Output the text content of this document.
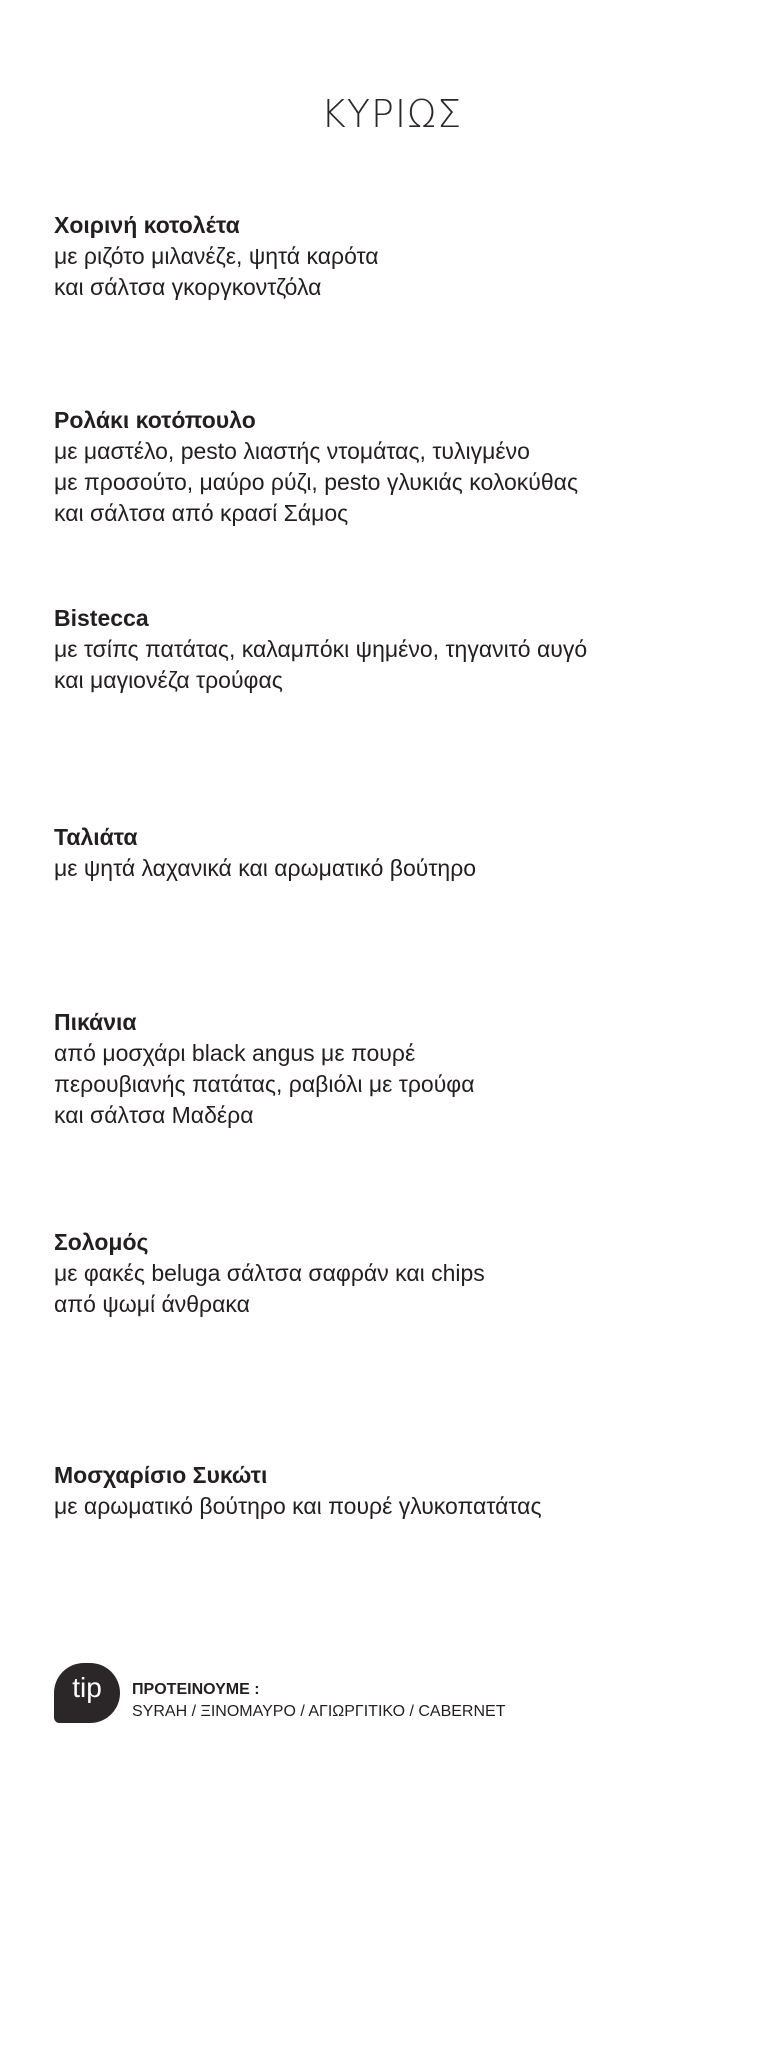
ΚΥΡΙΩΣ

Χοιρινή κοτολέτα

με ριζότο μιλανέζε, ψητά καρότα
και σάλτσα γκοργκοντζόλα

Ρολάκι κοτόπουλο

με μαστέλο, pesto λιαστής ντομάτας, τυλιγμένο
με προσούτο, μαύρο ρύζι, pesto γλυκιάς κολοκύθας
και σάλτσα από κρασί Σάμος

Bistecca

με τσίπς πατάτας, καλαμπόκι ψημένο, τηγανιτό αυγό
και μαγιονέζα τρούφας

Ταλιάτα

με ψητά λαχανικά και αρωματικό βούτηρο

Πικάνια

από μοσχάρι black angus με πουρέ
περουβιανής πατάτας, ραβιόλι με τρούφα
και σάλτσα Μαδέρα

Σολομός

με φακές beluga σάλτσα σαφράν και chips
από ψωμί άνθρακα

Μοσχαρίσιο Συκώτι

με αρωματικό βούτηρο και πουρέ γλυκοπατάτας

tip	ΠΡΟΤΕΙΝΟΥΜΕ :
SYRAH / ΞΙΝΟΜΑΥΡΟ / ΑΓΙΩΡΓΙΤΙΚΟ / CABERNET
